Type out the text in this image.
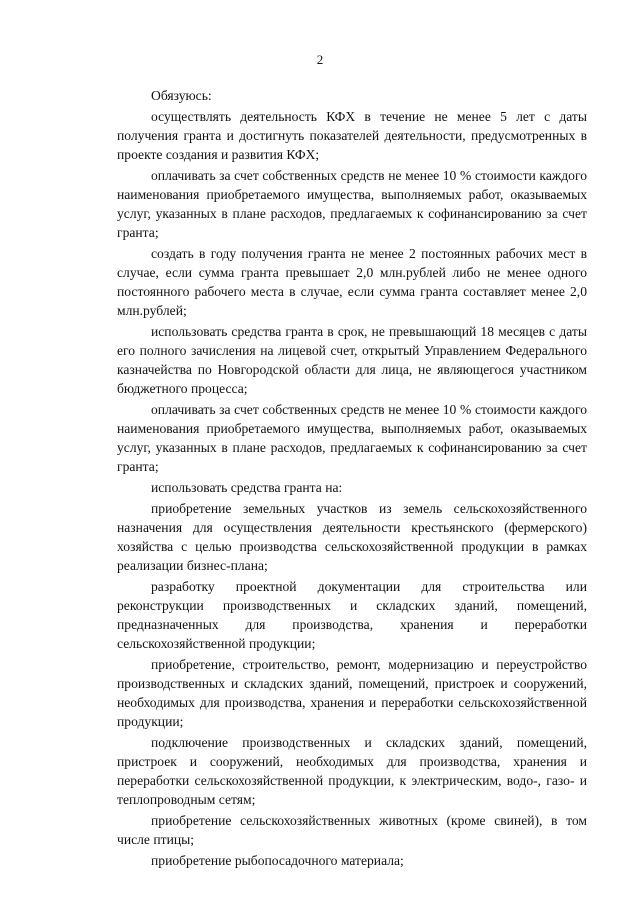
2

Обязуюсь:

осуществлять деятельность КФХ в течение не менее 5 лет с даты получения гранта и достигнуть показателей деятельности, предусмотренных в проекте создания и развития КФХ;

оплачивать за счет собственных средств не менее 10 % стоимости каждого наименования приобретаемого имущества, выполняемых работ, оказываемых услуг, указанных в плане расходов, предлагаемых к софинансированию за счет гранта;

создать в году получения гранта не менее 2 постоянных рабочих мест в случае, если сумма гранта превышает 2,0 млн.рублей либо не менее одного постоянного рабочего места в случае, если сумма гранта составляет менее 2,0 млн.рублей;

использовать средства гранта в срок, не превышающий 18 месяцев с даты его полного зачисления на лицевой счет, открытый Управлением Федерального казначейства по Новгородской области для лица, не являющегося участником бюджетного процесса;

оплачивать за счет собственных средств не менее 10 % стоимости каждого наименования приобретаемого имущества, выполняемых работ, оказываемых услуг, указанных в плане расходов, предлагаемых к софинансированию за счет гранта;

использовать средства гранта на:

приобретение земельных участков из земель сельскохозяйственного назначения для осуществления деятельности крестьянского (фермерского) хозяйства с целью производства сельскохозяйственной продукции в рамках реализации бизнес-плана;

разработку проектной документации для строительства или реконструкции производственных и складских зданий, помещений, предназначенных для производства, хранения и переработки сельскохозяйственной продукции;

приобретение, строительство, ремонт, модернизацию и переустройство производственных и складских зданий, помещений, пристроек и сооружений, необходимых для производства, хранения и переработки сельскохозяйственной продукции;

подключение производственных и складских зданий, помещений, пристроек и сооружений, необходимых для производства, хранения и переработки сельскохозяйственной продукции, к электрическим, водо-, газо- и теплопроводным сетям;

приобретение сельскохозяйственных животных (кроме свиней), в том числе птицы;

приобретение рыбопосадочного материала;
